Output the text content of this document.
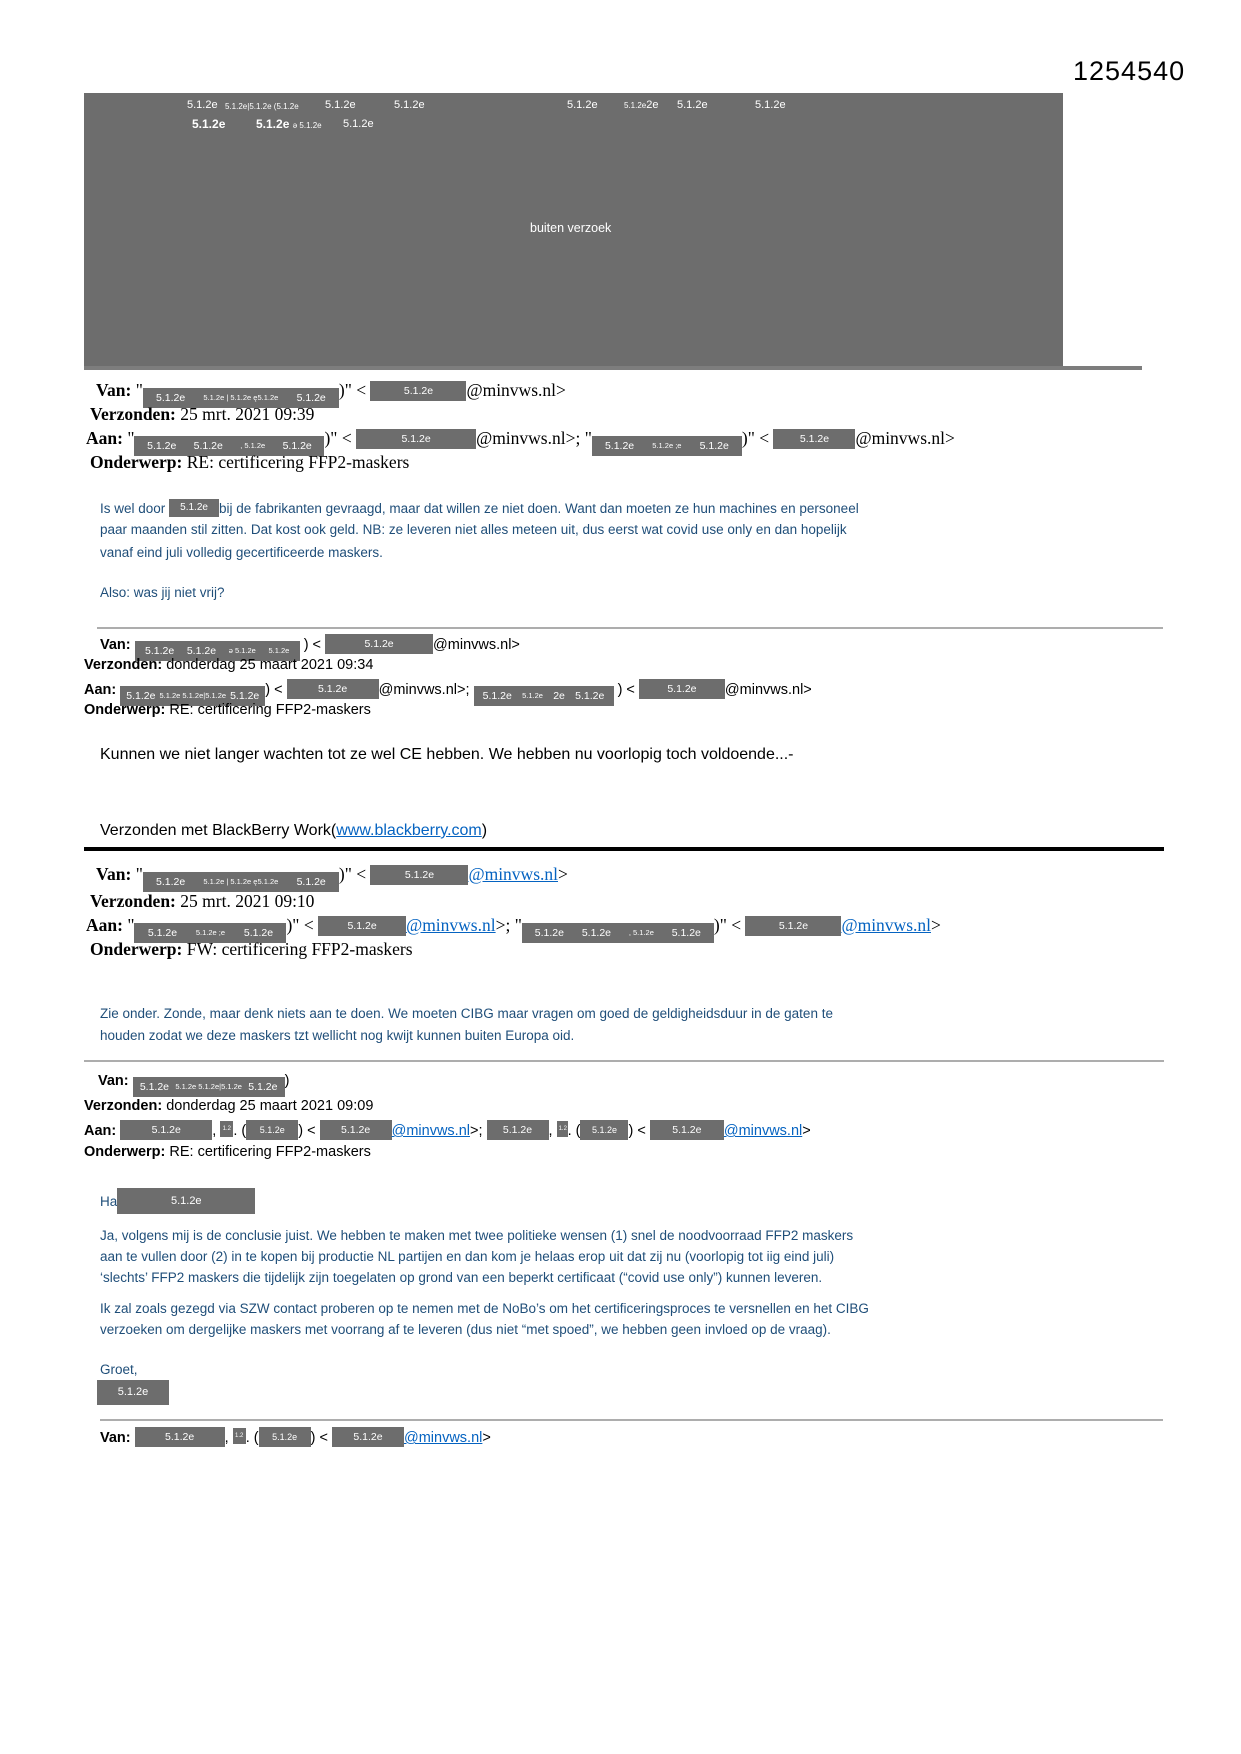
1254540
5.1.2e 5.1.2e|5.1.2e (5.1.2e 5.1.2e	5.1.2e	5.1.2e	5.1.2e2e 5.1.2e	5.1.2e
5.1.2e	5.1.2e ə 5.1.2e 5.1.2e
buiten verzoek
Van: " 5.1.2e 5.1.2e | 5.1.2e ę5.1.2e 5.1.2e )" <	5.1.2e @minvws.nl>
Verzonden: 25 mrt. 2021 09:39
Aan: " 5.1.2e 5.1.2e , 5.1.2e 5.1.2e )" <	5.1.2e	@minvws.nl>; " 5.1.2e 5.1.2e ;e 5.1.2e )" <	5.1.2e @minvws.nl>
Onderwerp: RE: certificering FFP2-maskers
Is wel door 5.1.2e bij de fabrikanten gevraagd, maar dat willen ze niet doen. Want dan moeten ze hun machines en personeel
paar maanden stil zitten. Dat kost ook geld. NB: ze leveren niet alles meteen uit, dus eerst wat covid use only en dan hopelijk
vanaf eind juli volledig gecertificeerde maskers.
Also: was jij niet vrij?
Van: 5.1.2e 5.1.2e ə 5.1.2e 5.1.2e ) <	5.1.2e	@minvws.nl>
Verzonden: donderdag 25 maart 2021 09:34
Aan: 5.1.2e 5.1.2e 5.1.2e|5.1.2e 5.1.2e ) <	5.1.2e @minvws.nl>; 5.1.2e 5.1.2e 2e 5.1.2e ) <	5.1.2e @minvws.nl>
Onderwerp: RE: certificering FFP2-maskers
Kunnen we niet langer wachten tot ze wel CE hebben. We hebben nu voorlopig toch voldoende...-
Verzonden met BlackBerry Work(www.blackberry.com)
Van: " 5.1.2e 5.1.2e | 5.1.2e ę5.1.2e 5.1.2e )" <	5.1.2e @minvws.nl>
Verzonden: 25 mrt. 2021 09:10
Aan: " 5.1.2e	5.1.2e ;e 5.1.2e )" <	5.1.2e @minvws.nl>; " 5.1.2e 5.1.2e , 5.1.2e 5.1.2e )" <	5.1.2e @minvws.nl>
Onderwerp: FW: certificering FFP2-maskers
Zie onder. Zonde, maar denk niets aan te doen. We moeten CIBG maar vragen om goed de geldigheidsduur in de gaten te
houden zodat we deze maskers tzt wellicht nog kwijt kunnen buiten Europa oid.
Van: 5.1.2e 5.1.2e 5.1.2e|5.1.2e 5.1.2e )
Verzonden: donderdag 25 maart 2021 09:09
Aan:	5.1.2e , 1.2 . ( 5.1.2e ) < 5.1.2e @minvws.nl>; 5.1.2e , 1.2. ( 5.1.2e ) <	5.1.2e @minvws.nl>
Onderwerp: RE: certificering FFP2-maskers
Ha	5.1.2e
Ja, volgens mij is de conclusie juist. We hebben te maken met twee politieke wensen (1) snel de noodvoorraad FFP2 maskers
aan te vullen door (2) in te kopen bij productie NL partijen en dan kom je helaas erop uit dat zij nu (voorlopig tot iig eind juli)
‘slechts’ FFP2 maskers die tijdelijk zijn toegelaten op grond van een beperkt certificaat (“covid use only”) kunnen leveren.
Ik zal zoals gezegd via SZW contact proberen op te nemen met de NoBo’s om het certificeringsproces te versnellen en het CIBG
verzoeken om dergelijke maskers met voorrang af te leveren (dus niet “met spoed”, we hebben geen invloed op de vraag).
Groet,
5.1.2e
Van:	5.1.2e , 1.2 . ( 5.1.2e ) < 5.1.2e @minvws.nl>
